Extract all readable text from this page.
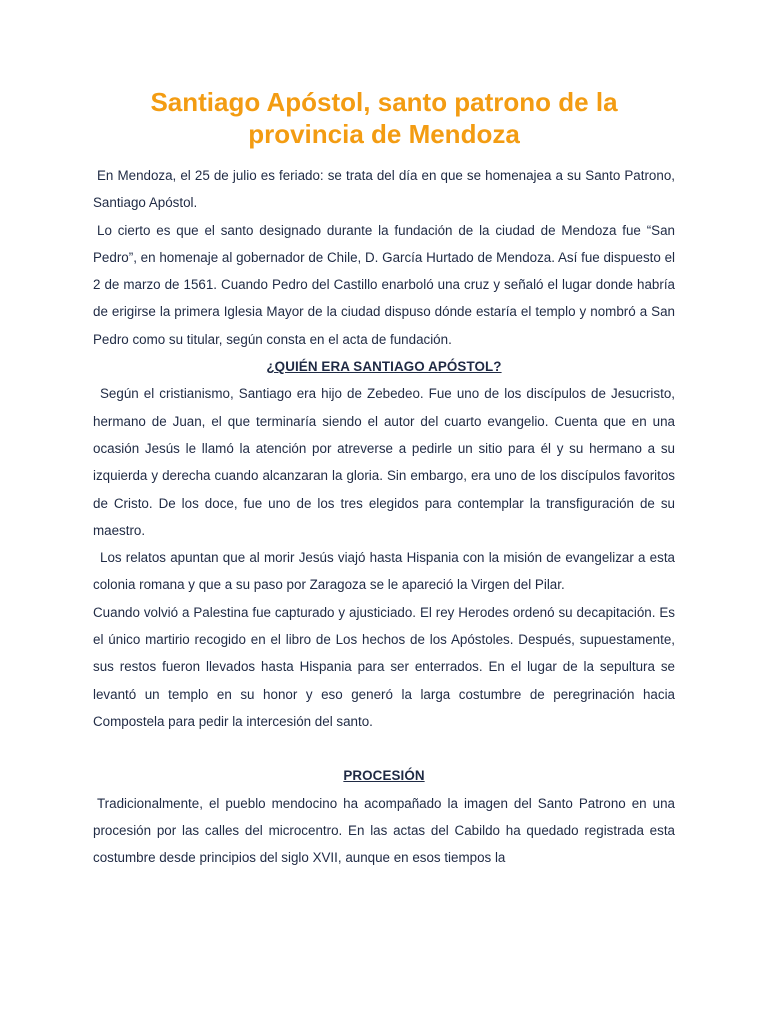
Santiago Apóstol, santo patrono de la provincia de Mendoza

En Mendoza, el 25 de julio es feriado: se trata del día en que se homenajea a su Santo Patrono, Santiago Apóstol.

Lo cierto es que el santo designado durante la fundación de la ciudad de Mendoza fue “San Pedro”, en homenaje al gobernador de Chile, D. García Hurtado de Mendoza. Así fue dispuesto el 2 de marzo de 1561. Cuando Pedro del Castillo enarboló una cruz y señaló el lugar donde habría de erigirse la primera Iglesia Mayor de la ciudad dispuso dónde estaría el templo y nombró a San Pedro como su titular, según consta en el acta de fundación.

¿QUIÉN ERA SANTIAGO APÓSTOL?

Según el cristianismo, Santiago era hijo de Zebedeo. Fue uno de los discípulos de Jesucristo, hermano de Juan, el que terminaría siendo el autor del cuarto evangelio. Cuenta que en una ocasión Jesús le llamó la atención por atreverse a pedirle un sitio para él y su hermano a su izquierda y derecha cuando alcanzaran la gloria. Sin embargo, era uno de los discípulos favoritos de Cristo. De los doce, fue uno de los tres elegidos para contemplar la transfiguración de su maestro.

Los relatos apuntan que al morir Jesús viajó hasta Hispania con la misión de evangelizar a esta colonia romana y que a su paso por Zaragoza se le apareció la Virgen del Pilar.

Cuando volvió a Palestina fue capturado y ajusticiado. El rey Herodes ordenó su decapitación. Es el único martirio recogido en el libro de Los hechos de los Apóstoles. Después, supuestamente, sus restos fueron llevados hasta Hispania para ser enterrados. En el lugar de la sepultura se levantó un templo en su honor y eso generó la larga costumbre de peregrinación hacia Compostela para pedir la intercesión del santo.

PROCESIÓN

Tradicionalmente, el pueblo mendocino ha acompañado la imagen del Santo Patrono en una procesión por las calles del microcentro. En las actas del Cabildo ha quedado registrada esta costumbre desde principios del siglo XVII, aunque en esos tiempos la
